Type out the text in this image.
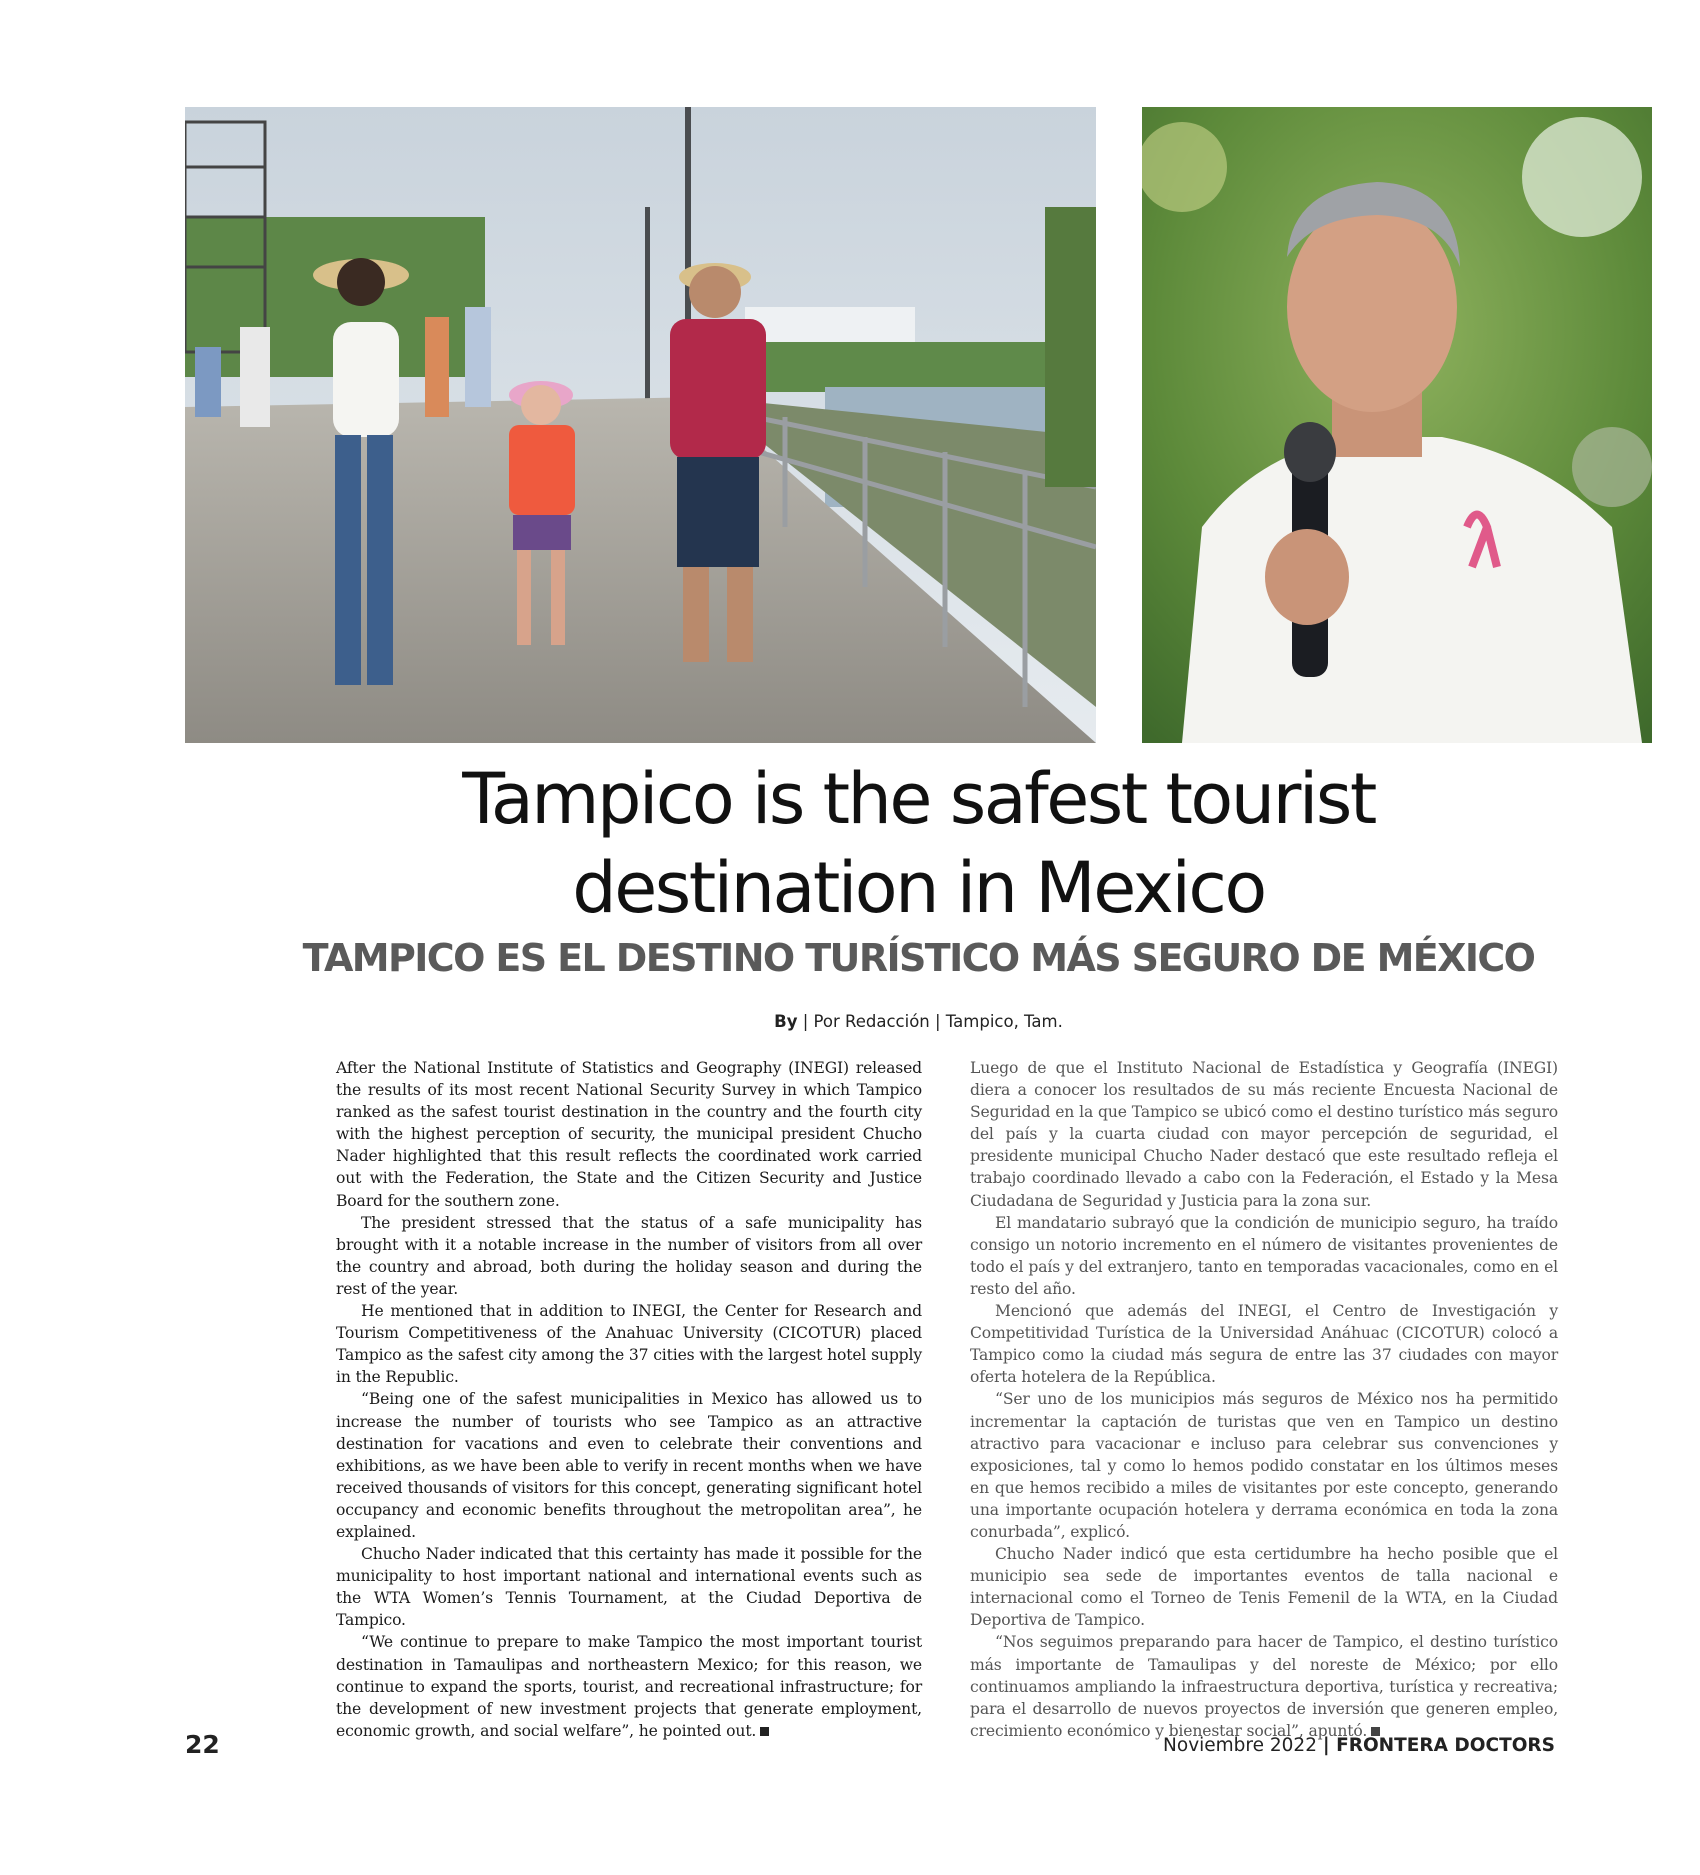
Tampico is the safest tourist
destination in Mexico
TAMPICO ES EL DESTINO TURÍSTICO MÁS SEGURO DE MÉXICO
By | Por Redacción | Tampico, Tam.

After the National Institute of Statistics and Geography (INEGI) released the results of its most recent National Security Survey in which Tampico ranked as the safest tourist destination in the country and the fourth city with the highest perception of security, the municipal president Chucho Nader highlighted that this result reflects the coordinated work carried out with the Federation, the State and the Citizen Security and Justice Board for the southern zone.

The president stressed that the status of a safe municipality has brought with it a notable increase in the number of visitors from all over the country and abroad, both during the holiday season and during the rest of the year.

He mentioned that in addition to INEGI, the Center for Research and Tourism Competitiveness of the Anahuac University (CICOTUR) placed Tampico as the safest city among the 37 cities with the largest hotel supply in the Republic.

“Being one of the safest municipalities in Mexico has allowed us to increase the number of tourists who see Tampico as an attractive destination for vacations and even to celebrate their conventions and exhibitions, as we have been able to verify in recent months when we have received thousands of visitors for this concept, generating significant hotel occupancy and economic benefits throughout the metropolitan area”, he explained.

Chucho Nader indicated that this certainty has made it possible for the municipality to host important national and international events such as the WTA Women’s Tennis Tournament, at the Ciudad Deportiva de Tampico.

“We continue to prepare to make Tampico the most important tourist destination in Tamaulipas and northeastern Mexico; for this reason, we continue to expand the sports, tourist, and recreational infrastructure; for the development of new investment projects that generate employment, economic growth, and social welfare”, he pointed out.

Luego de que el Instituto Nacional de Estadística y Geografía (INEGI) diera a conocer los resultados de su más reciente Encuesta Nacional de Seguridad en la que Tampico se ubicó como el destino turístico más seguro del país y la cuarta ciudad con mayor percepción de seguridad, el presidente municipal Chucho Nader destacó que este resultado refleja el trabajo coordinado llevado a cabo con la Federación, el Estado y la Mesa Ciudadana de Seguridad y Justicia para la zona sur.

El mandatario subrayó que la condición de municipio seguro, ha traído consigo un notorio incremento en el número de visitantes provenientes de todo el país y del extranjero, tanto en temporadas vacacionales, como en el resto del año.

Mencionó que además del INEGI, el Centro de Investigación y Competitividad Turística de la Universidad Anáhuac (CICOTUR) colocó a Tampico como la ciudad más segura de entre las 37 ciudades con mayor oferta hotelera de la República.

“Ser uno de los municipios más seguros de México nos ha permitido incrementar la captación de turistas que ven en Tampico un destino atractivo para vacacionar e incluso para celebrar sus convenciones y exposiciones, tal y como lo hemos podido constatar en los últimos meses en que hemos recibido a miles de visitantes por este concepto, generando una importante ocupación hotelera y derrama económica en toda la zona conurbada”, explicó.

Chucho Nader indicó que esta certidumbre ha hecho posible que el municipio sea sede de importantes eventos de talla nacional e internacional como el Torneo de Tenis Femenil de la WTA, en la Ciudad Deportiva de Tampico.

“Nos seguimos preparando para hacer de Tampico, el destino turístico más importante de Tamaulipas y del noreste de México; por ello continuamos ampliando la infraestructura deportiva, turística y recreativa; para el desarrollo de nuevos proyectos de inversión que generen empleo, crecimiento económico y bienestar social”, apuntó.

22	Noviembre 2022 | FRONTERA DOCTORS
